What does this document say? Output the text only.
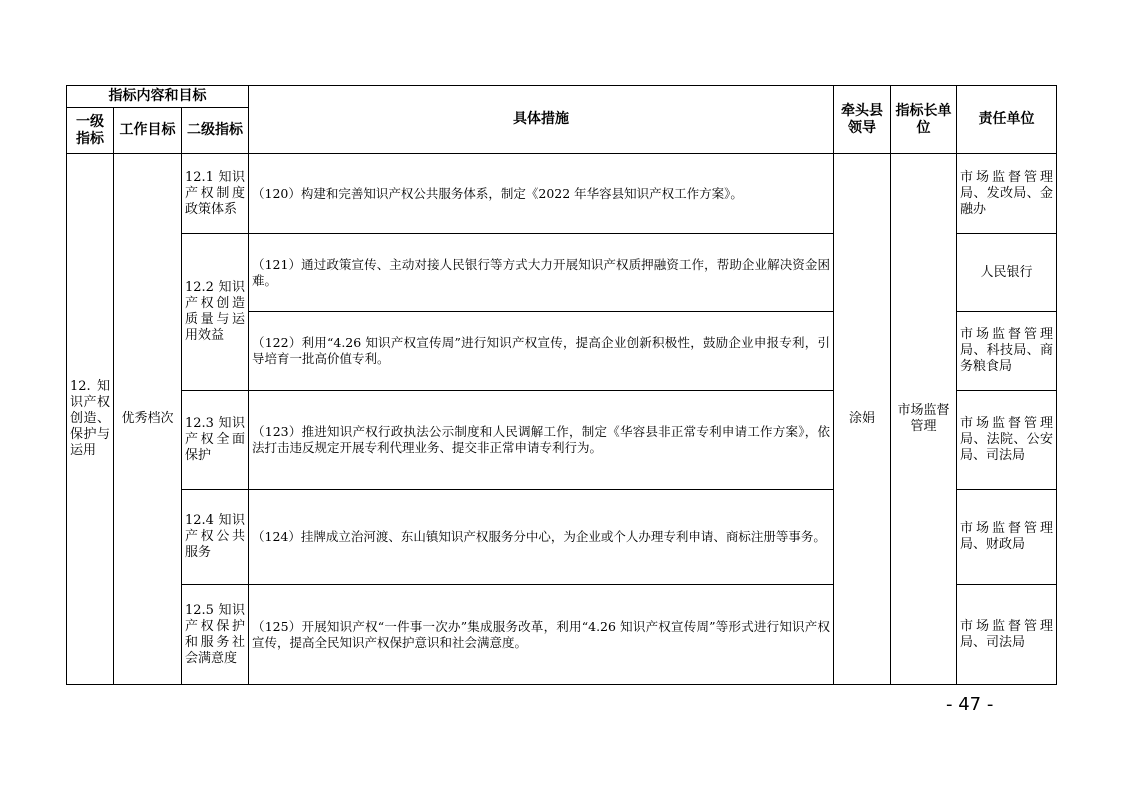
指标内容和目标			具体措施	牵头县领导	指标长单位	责任单位
一级指标	工作目标	二级指标				
12.知识产权创造、保护与运用	优秀档次	12.1 知识产权制度政策体系	（120）构建和完善知识产权公共服务体系，制定《2022 年华容县知识产权工作方案》。	涂娟	市场监督管理	市场监督管理局、发改局、金融办
		12.2 知识产权创造质量与运用效益	（121）通过政策宣传、主动对接人民银行等方式大力开展知识产权质押融资工作，帮助企业解决资金困难。			人民银行
			（122）利用“4.26 知识产权宣传周”进行知识产权宣传，提高企业创新积极性，鼓励企业申报专利，引导培育一批高价值专利。			市场监督管理局、科技局、商务粮食局
		12.3 知识产权全面保护	（123）推进知识产权行政执法公示制度和人民调解工作，制定《华容县非正常专利申请工作方案》，依法打击违反规定开展专利代理业务、提交非正常申请专利行为。			市场监督管理局、法院、公安局、司法局
		12.4 知识产权公共服务	（124）挂牌成立治河渡、东山镇知识产权服务分中心，为企业或个人办理专利申请、商标注册等事务。			市场监督管理局、财政局
		12.5 知识产权保护和服务社会满意度	（125）开展知识产权“一件事一次办”集成服务改革，利用“4.26 知识产权宣传周”等形式进行知识产权宣传，提高全民知识产权保护意识和社会满意度。			市场监督管理局、司法局
- 47 -
